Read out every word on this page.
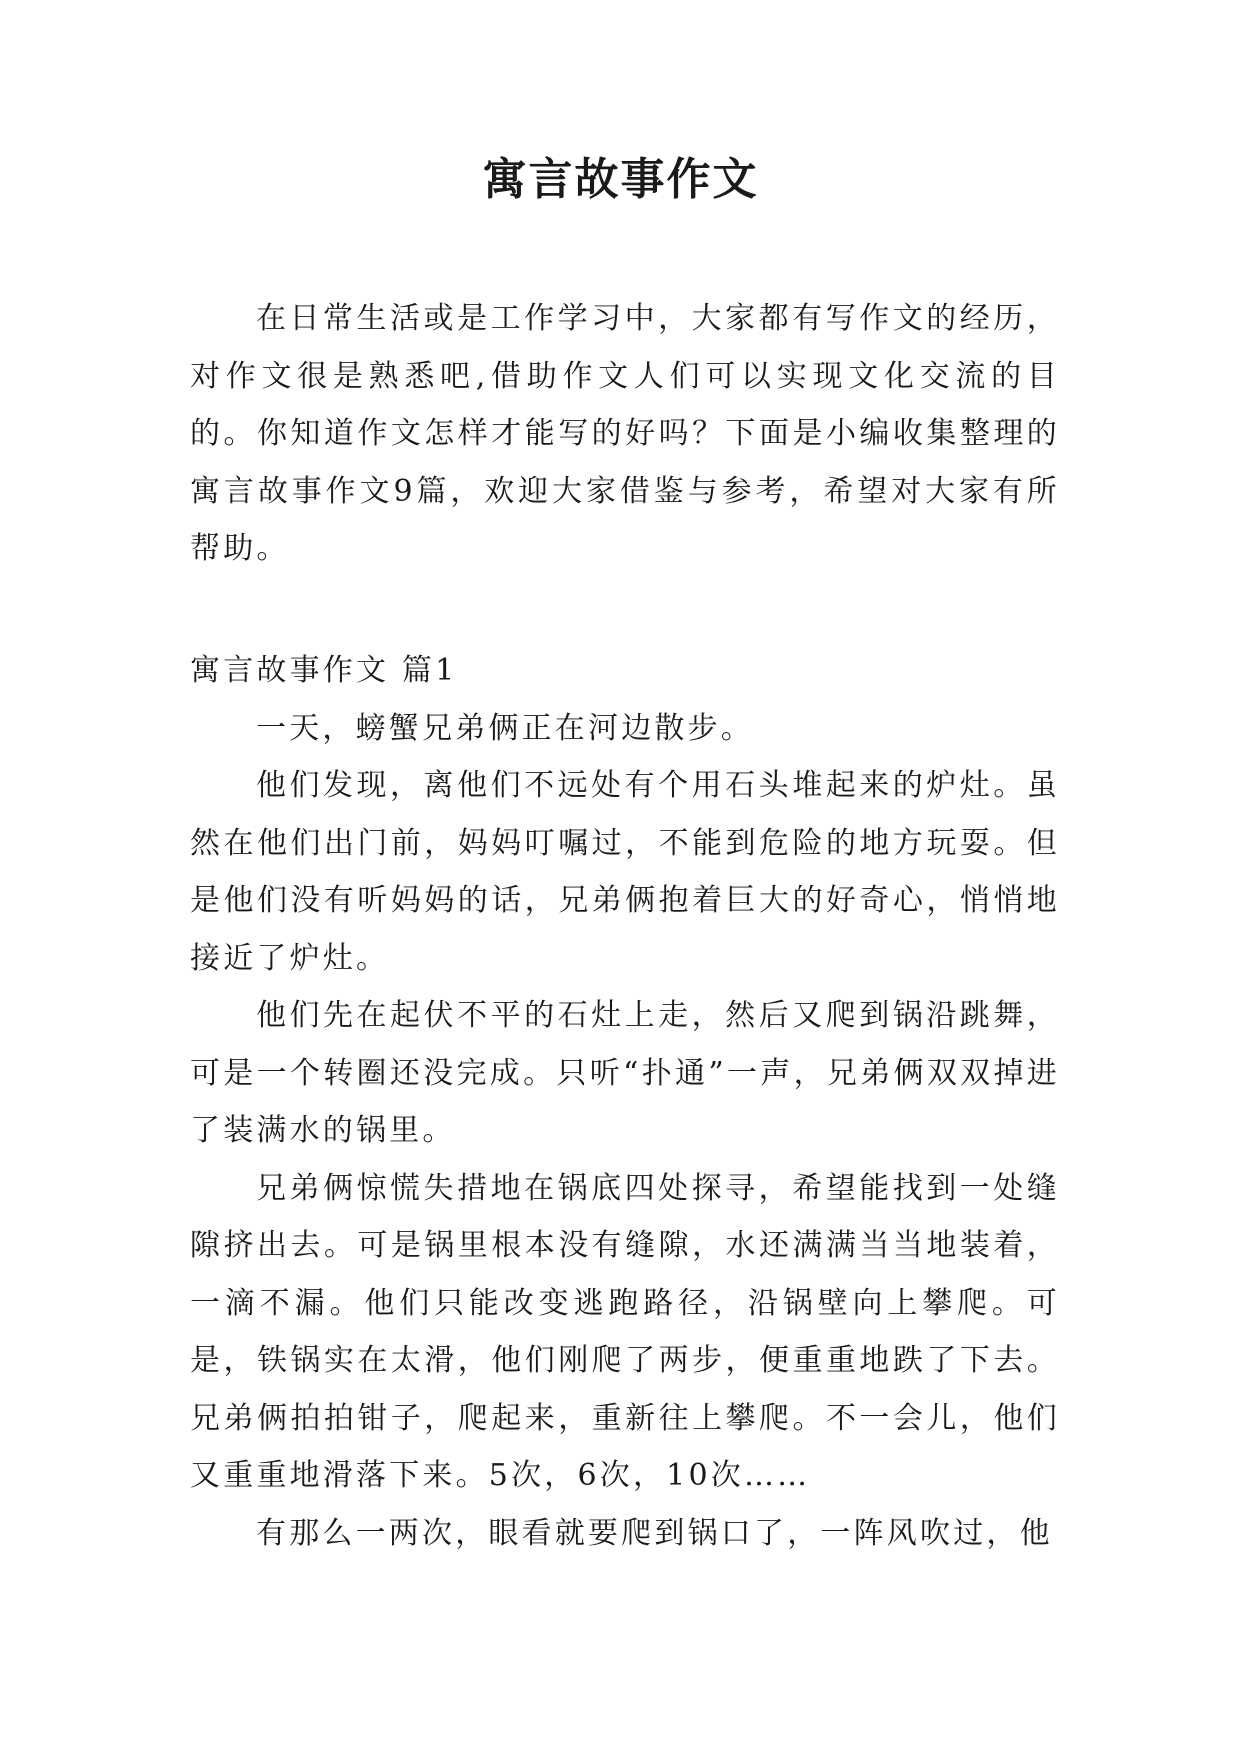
寓言故事作文

在日常生活或是工作学习中，大家都有写作文的经历，对作文很是熟悉吧,借助作文人们可以实现文化交流的目的。你知道作文怎样才能写的好吗？下面是小编收集整理的寓言故事作文9篇，欢迎大家借鉴与参考，希望对大家有所帮助。

寓言故事作文 篇1

一天，螃蟹兄弟俩正在河边散步。

他们发现，离他们不远处有个用石头堆起来的炉灶。虽然在他们出门前，妈妈叮嘱过，不能到危险的地方玩耍。但是他们没有听妈妈的话，兄弟俩抱着巨大的好奇心，悄悄地接近了炉灶。

他们先在起伏不平的石灶上走，然后又爬到锅沿跳舞，可是一个转圈还没完成。只听“扑通”一声，兄弟俩双双掉进了装满水的锅里。

兄弟俩惊慌失措地在锅底四处探寻，希望能找到一处缝隙挤出去。可是锅里根本没有缝隙，水还满满当当地装着，一滴不漏。他们只能改变逃跑路径，沿锅壁向上攀爬。可是，铁锅实在太滑，他们刚爬了两步，便重重地跌了下去。兄弟俩拍拍钳子，爬起来，重新往上攀爬。不一会儿，他们又重重地滑落下来。5次，6次，10次……

有那么一两次，眼看就要爬到锅口了，一阵风吹过，他
